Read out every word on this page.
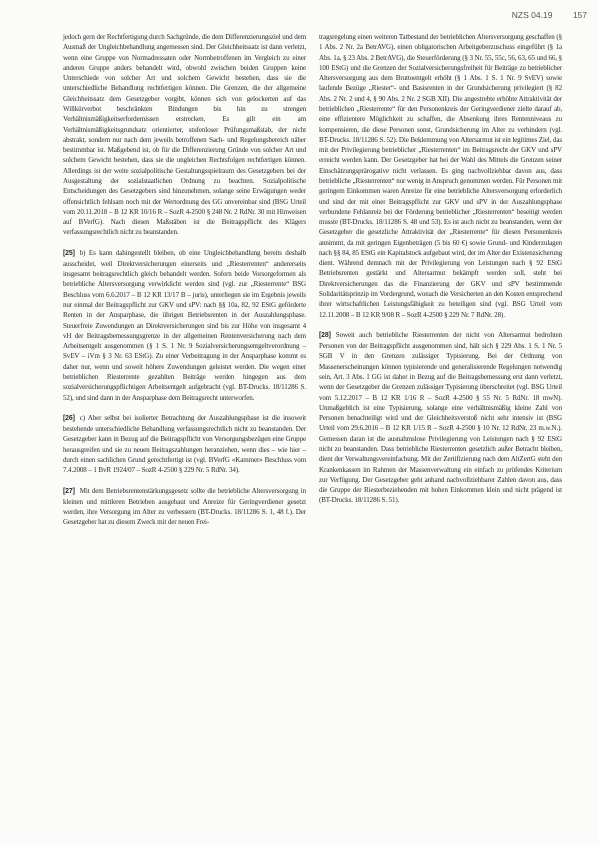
NZS 04.19 157

jedoch gern der Rechtfertigung durch Sachgründe, die dem Differenzierungsziel und dem Ausmaß der Ungleichbehandlung angemessen sind. Der Gleichheitssatz ist dann verletzt, wenn eine Gruppe von Normadressaten oder Normbetroffenen im Vergleich zu einer anderen Gruppe anders behandelt wird, obwohl zwischen beiden Gruppen keine Unterschiede von solcher Art und solchem Gewicht bestehen, dass sie die unterschiedliche Behandlung rechtfertigen können. Die Grenzen, die der allgemeine Gleichheitssatz dem Gesetzgeber vorgibt, können sich von gelockerten auf das Willkürverbot beschränkten Bindungen bis hin zu strengen Verhältnismäßigkeitserfordernissen erstrecken. Es gilt ein am Verhältnismäßigkeitsgrundsatz orientierter, stufenloser Prüfungsmaßstab, der nicht abstrakt, sondern nur nach dem jeweils betroffenen Sach- und Regelungsbereich näher bestimmbar ist. Maßgebend ist, ob für die Differenzierung Gründe von solcher Art und solchem Gewicht bestehen, dass sie die ungleichen Rechtsfolgen rechtfertigen können. Allerdings ist der weite sozialpolitische Gestaltungsspielraum des Gesetzgebers bei der Ausgestaltung der sozialstaatlichen Ordnung zu beachten. Sozialpolitische Entscheidungen des Gesetzgebers sind hinzunehmen, solange seine Erwägungen weder offensichtlich fehlsam noch mit der Wertordnung des GG unvereinbar sind (BSG Urteil vom 20.11.2018 – B 12 KR 10/16 R – SozR 4-2500 § 248 Nr. 2 RdNr. 30 mit Hinweisen auf BVerfG). Nach diesen Maßstäben ist die Beitragspflicht des Klägers verfassungsrechtlich nicht zu beanstanden.

[25] b) Es kann dahingestellt bleiben, ob eine Ungleichbehandlung bereits deshalb ausscheidet, weil Direktversicherungen einerseits und „Riesterrenten“ andererseits insgesamt beitragsrechtlich gleich behandelt werden. Sofern beide Vorsorgeformen als betriebliche Altersversorgung verwirklicht werden sind (vgl. zur „Riesterrente“ BSG Beschluss vom 6.6.2017 – B 12 KR 13/17 B – juris), unterliegen sie im Ergebnis jeweils nur einmal der Beitragspflicht zur GKV und sPV: nach §§ 10a, 82, 92 EStG geförderte Renten in der Ansparphase, die übrigen Betriebsrenten in der Auszahlungsphase. Steuerfreie Zuwendungen an Direktversicherungen sind bis zur Höhe von insgesamt 4 vH der Beitragsbemessungsgrenze in der allgemeinen Rentenversicherung nach dem Arbeitsentgelt ausgenommen (§ 1 S. 1 Nr. 9 Sozialversicherungsentgeltverordnung – SvEV – iVm § 3 Nr. 63 EStG). Zu einer Verbeitragung in der Ansparphase kommt es daher nur, wenn und soweit höhere Zuwendungen geleistet werden. Die wegen einer betrieblichen Riesterrente gezahlten Beiträge werden hingegen aus dem sozialversicherungspflichtigen Arbeitsentgelt aufgebracht (vgl. BT-Drucks. 18/11286 S. 52), und sind dann in der Ansparphase dem Beitragsrecht unterworfen.

[26] c) Aber selbst bei isolierter Betrachtung der Auszahlungsphase ist die insoweit bestehende unterschiedliche Behandlung verfassungsrechtlich nicht zu beanstanden. Der Gesetzgeber kann in Bezug auf die Beitragspflicht von Versorgungsbezügen eine Gruppe herausgreifen und sie zu neuen Beitragszahlungen heranziehen, wenn dies – wie hier – durch einen sachlichen Grund gerechtfertigt ist (vgl. BVerfG «Kammer» Beschluss vom 7.4.2008 – 1 BvR 1924/07 – SozR 4-2500 § 229 Nr. 5 RdNr. 34).

[27] Mit dem Betriebsrentenstärkungsgesetz sollte die betriebliche Altersversorgung in kleinen und mittleren Betrieben ausgebaut und Anreize für Geringverdiener gesetzt werden, ihre Versorgung im Alter zu verbessern (BT-Drucks. 18/11286 S. 1, 48 f.). Der Gesetzgeber hat zu diesem Zweck mit der neuen Frei-

tragsregelung einen weiteren Tatbestand der betrieblichen Altersversorgung geschaffen (§ 1 Abs. 2 Nr. 2a BetrAVG), einen obligatorischen Arbeitgeberzuschuss eingeführt (§ 1a Abs. 1a, § 23 Abs. 2 BetrAVG), die Steuerförderung (§ 3 Nr. 55, 55c, 56, 63, 65 und 66, § 100 EStG) und die Grenzen der Sozialversicherungsfreiheit für Beiträge zu betrieblicher Altersversorgung aus dem Bruttoentgelt erhöht (§ 1 Abs. 1 S. 1 Nr. 9 SvEV) sowie laufende Bezüge „Riester“- und Basisrenten in der Grundsicherung privilegiert (§ 82 Abs. 2 Nr. 2 und 4, § 90 Abs. 2 Nr. 2 SGB XII). Die angestrebte erhöhte Attraktivität der betrieblichen „Riesterrente“ für den Personenkreis der Geringverdiener zielte darauf ab, eine effizientere Möglichkeit zu schaffen, die Absenkung ihres Rentenniveaus zu kompensieren, die diese Personen sonst, Grundsicherung im Alter zu verhindern (vgl. BT-Drucks. 18/11286 S. 52). Die Beklemmung von Altersarmut ist ein legitimes Ziel, das mit der Privilegierung betrieblicher „Riesterrenten“ im Beitragsrecht der GKV und sPV erreicht werden kann. Der Gesetzgeber hat bei der Wahl des Mittels die Grenzen seiner Einschätzungsprärogative nicht verlassen. Es ging nachvollziehbar davon aus, dass betriebliche „Riesterrenten“ nur wenig in Anspruch genommen werden. Für Personen mit geringem Einkommen waren Anreize für eine betriebliche Altersversorgung erforderlich und sind der mit einer Beitragspflicht zur GKV und sPV in der Auszahlungsphase verbundene Fehlanreiz bei der Förderung betrieblicher „Riesterrenten“ beseitigt werden musste (BT-Drucks. 18/11286 S. 48 und 53). Es ist auch nicht zu beanstanden, wenn der Gesetzgeber die gesetzliche Attraktivität der „Riesterrente“ für diesen Personenkreis annimmt, da mit geringen Eigenbeträgen (5 bis 60 €) sowie Grund- und Kinderzulagen nach §§ 84, 85 EStG ein Kapitalstock aufgebaut wird, der im Alter der Existenzsicherung dient. Während demnach mit der Privilegierung von Leistungen nach § 92 EStG Betriebsrenten gestärkt und Altersarmut bekämpft werden soll, steht bei Direktversicherungen das die Finanzierung der GKV und sPV bestimmende Solidaritätsprinzip im Vordergrund, wonach die Versicherten an den Kosten entsprechend ihrer wirtschaftlichen Leistungsfähigkeit zu beteiligen sind (vgl. BSG Urteil vom 12.11.2008 – B 12 KR 9/08 R – SozR 4-2500 § 229 Nr. 7 RdNr. 28).

[28] Soweit auch betriebliche Riesterrenten der nicht von Altersarmut bedrohten Personen von der Beitragspflicht ausgenommen sind, hält sich § 229 Abs. 1 S. 1 Nr. 5 SGB V in den Grenzen zulässiger Typisierung. Bei der Ordnung von Massenerscheinungen können typisierende und generalisierende Regelungen notwendig sein, Art. 3 Abs. 1 GG ist daher in Bezug auf die Beitragsbemessung erst dann verletzt, wenn der Gesetzgeber die Grenzen zulässiger Typisierung überschreitet (vgl. BSG Urteil vom 5.12.2017 – B 12 KR 1/16 R – SozR 4-2500 § 55 Nr. 5 RdNr. 18 mwN). Unmaßgeblich ist eine Typisierung, solange eine verhältnismäßig kleine Zahl von Personen benachteiligt wird und der Gleichheitsverstoß nicht sehr intensiv ist (BSG Urteil vom 29.6.2016 – B 12 KR 1/15 R – SozR 4-2500 § 10 Nr. 12 RdNr. 23 m.w.N.). Gemessen daran ist die ausnahmslose Privilegierung von Leistungen nach § 92 EStG nicht zu beanstanden. Dass betriebliche Riesterrenten gesetzlich außer Betracht bleiben, dient der Verwaltungsvereinfachung. Mit der Zertifizierung nach dem AltZertG steht den Krankenkassen im Rahmen der Massenverwaltung ein einfach zu prüfendes Kriterium zur Verfügung. Der Gesetzgeber geht anhand nachvollziehbarer Zahlen davon aus, dass die Gruppe der Riesterbeziehenden mit hohen Einkommen klein und nicht prägend ist (BT-Drucks. 18/11286 S. 51).
